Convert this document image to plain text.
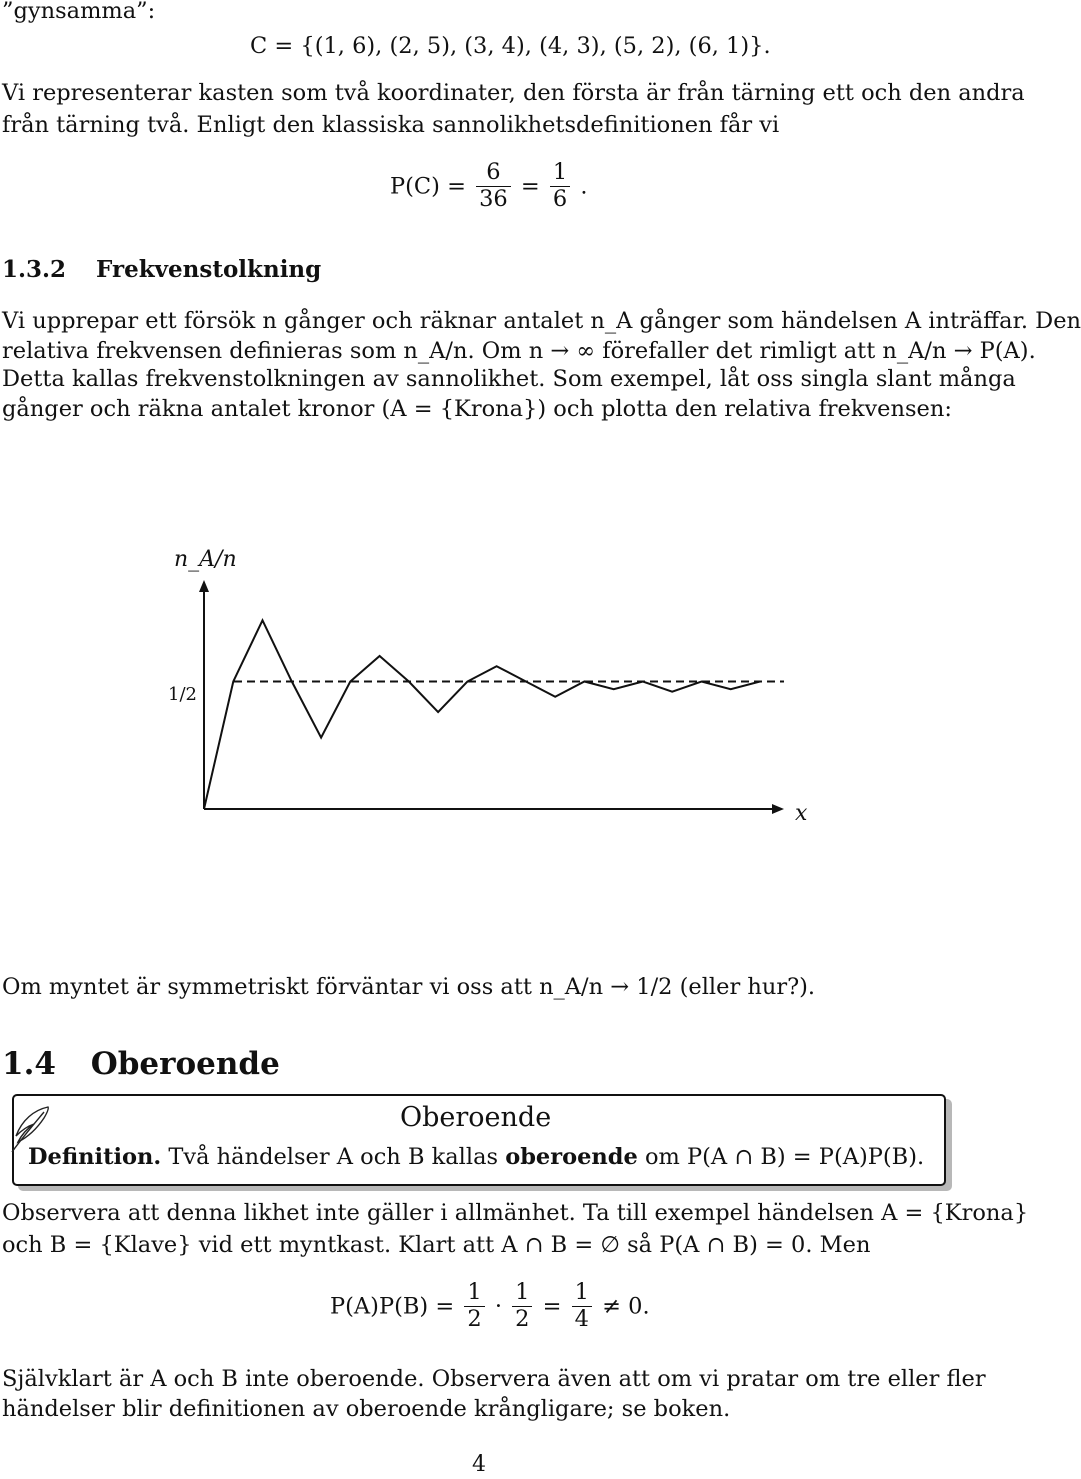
”gynsamma”:
C = {(1, 6), (2, 5), (3, 4), (4, 3), (5, 2), (6, 1)}.
Vi representerar kasten som två koordinater, den första är från tärning ett och den andra
från tärning två. Enligt den klassiska sannolikhetsdefinitionen får vi
$P(C) = \frac{6}{36} = \frac{1}{6}$ .
1.3.2 Frekvenstolkning
Vi upprepar ett försök n gånger och räknar antalet n_A gånger som händelsen A inträffar. Den
relativa frekvensen definieras som n_A/n. Om n → ∞ förefaller det rimligt att n_A/n → P(A).
Detta kallas frekvenstolkningen av sannolikhet. Som exempel, låt oss singla slant många
gånger och räkna antalet kronor (A = {Krona}) och plotta den relativa frekvensen:
n_A/n
x
1/2
Om myntet är symmetriskt förväntar vi oss att n_A/n → 1/2 (eller hur?).
1.4 Oberoende
Oberoende
Definition. Två händelser A och B kallas oberoende om P(A ∩ B) = P(A)P(B).
Observera att denna likhet inte gäller i allmänhet. Ta till exempel händelsen A = {Krona}
och B = {Klave} vid ett myntkast. Klart att A ∩ B = ∅ så P(A ∩ B) = 0. Men
$P(A)P(B) = \frac{1}{2} \cdot \frac{1}{2} = \frac{1}{4} \ne 0$.
Självklart är A och B inte oberoende. Observera även att om vi pratar om tre eller fler
händelser blir definitionen av oberoende krångligare; se boken.
4
